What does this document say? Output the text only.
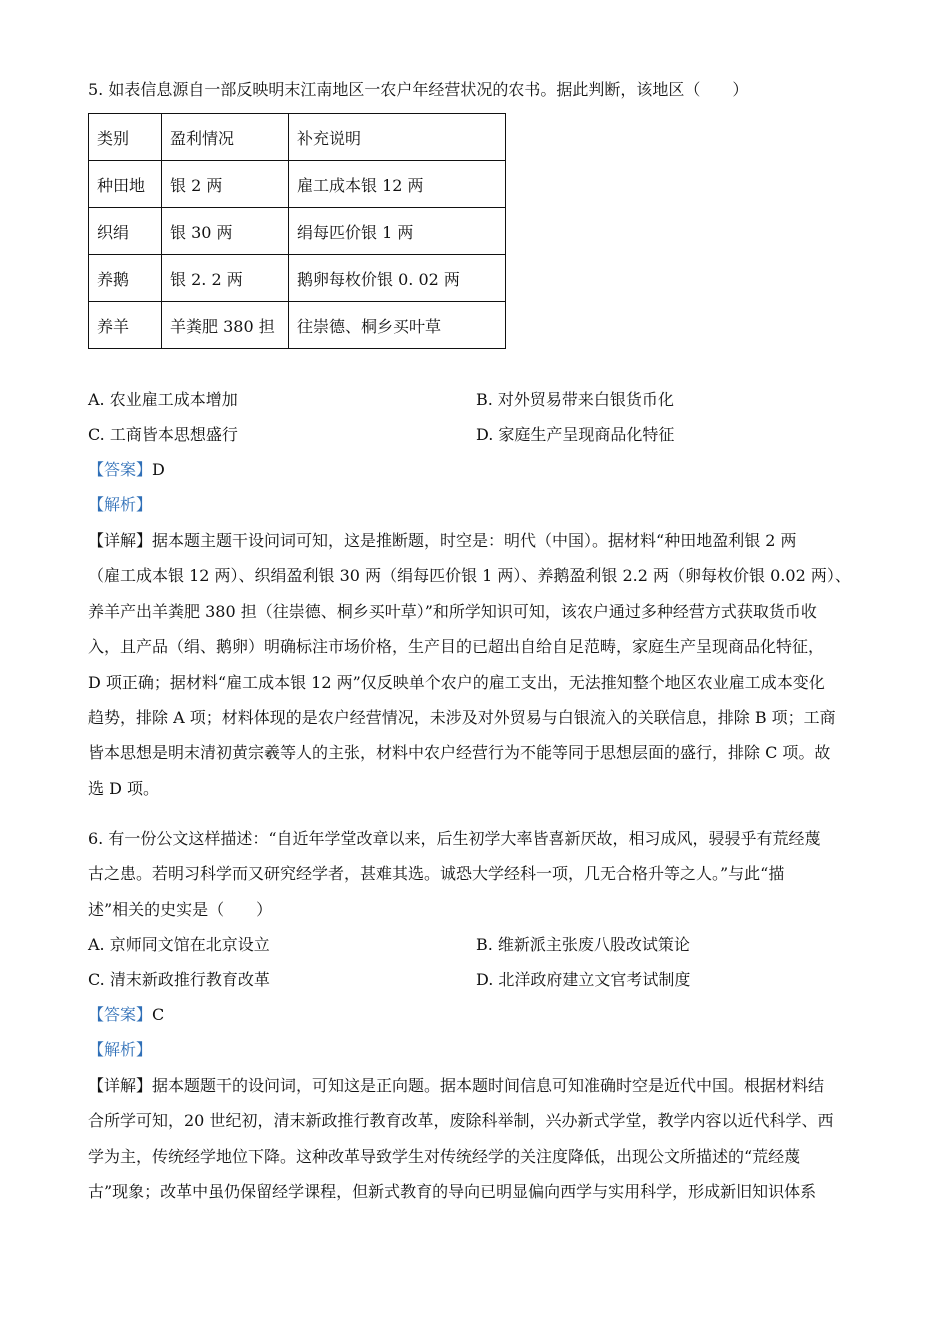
5. 如表信息源自一部反映明末江南地区一农户年经营状况的农书。据此判断，该地区（　　）
类别	盈利情况	补充说明
种田地	银 2 两	雇工成本银 12 两
织绢	银 30 两	绢每匹价银 1 两
养鹅	银 2. 2 两	鹅卵每枚价银 0. 02 两
养羊	羊粪肥 380 担	往崇德、桐乡买叶草
A. 农业雇工成本增加	B. 对外贸易带来白银货币化
C. 工商皆本思想盛行	D. 家庭生产呈现商品化特征
【答案】D
【解析】
【详解】据本题主题干设问词可知，这是推断题，时空是：明代（中国）。据材料“种田地盈利银 2 两
（雇工成本银 12 两）、织绢盈利银 30 两（绢每匹价银 1 两）、养鹅盈利银 2.2 两（卵每枚价银 0.02 两）、
养羊产出羊粪肥 380 担（往崇德、桐乡买叶草）”和所学知识可知，该农户通过多种经营方式获取货币收
入，且产品（绢、鹅卵）明确标注市场价格，生产目的已超出自给自足范畴，家庭生产呈现商品化特征，
D 项正确；据材料“雇工成本银 12 两”仅反映单个农户的雇工支出，无法推知整个地区农业雇工成本变化
趋势，排除 A 项；材料体现的是农户经营情况，未涉及对外贸易与白银流入的关联信息，排除 B 项；工商
皆本思想是明末清初黄宗羲等人的主张，材料中农户经营行为不能等同于思想层面的盛行，排除 C 项。故
选 D 项。
6. 有一份公文这样描述：“自近年学堂改章以来，后生初学大率皆喜新厌故，相习成风，骎骎乎有荒经蔑
古之患。若明习科学而又研究经学者，甚难其选。诚恐大学经科一项，几无合格升等之人。”与此“描
述”相关的史实是（　　）
A. 京师同文馆在北京设立	B. 维新派主张废八股改试策论
C. 清末新政推行教育改革	D. 北洋政府建立文官考试制度
【答案】C
【解析】
【详解】据本题题干的设问词，可知这是正向题。据本题时间信息可知准确时空是近代中国。根据材料结
合所学可知，20 世纪初，清末新政推行教育改革，废除科举制，兴办新式学堂，教学内容以近代科学、西
学为主，传统经学地位下降。这种改革导致学生对传统经学的关注度降低，出现公文所描述的“荒经蔑
古”现象；改革中虽仍保留经学课程，但新式教育的导向已明显偏向西学与实用科学，形成新旧知识体系
